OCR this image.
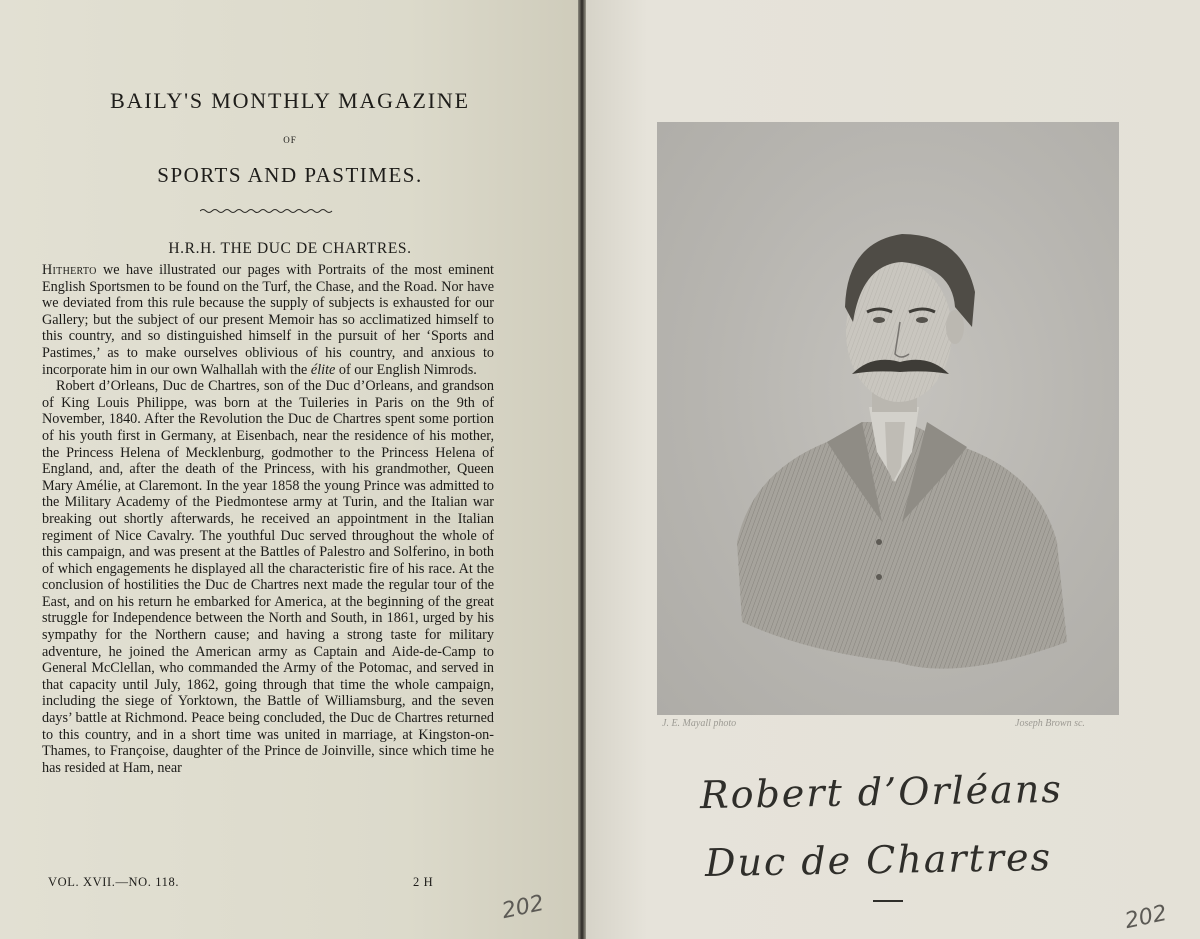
BAILY'S MONTHLY MAGAZINE
OF
SPORTS AND PASTIMES.
H.R.H. THE DUC DE CHARTRES.

Hitherto we have illustrated our pages with Portraits of the most eminent English Sportsmen to be found on the Turf, the Chase, and the Road. Nor have we deviated from this rule because the supply of subjects is exhausted for our Gallery; but the subject of our present Memoir has so acclimatized himself to this country, and so distinguished himself in the pursuit of her ‘Sports and Pastimes,’ as to make ourselves oblivious of his country, and anxious to incorporate him in our own Walhallah with the élite of our English Nimrods.

Robert d’Orleans, Duc de Chartres, son of the Duc d’Orleans, and grandson of King Louis Philippe, was born at the Tuileries in Paris on the 9th of November, 1840. After the Revolution the Duc de Chartres spent some portion of his youth first in Germany, at Eisenbach, near the residence of his mother, the Princess Helena of Mecklenburg, godmother to the Princess Helena of England, and, after the death of the Princess, with his grandmother, Queen Mary Amélie, at Claremont. In the year 1858 the young Prince was admitted to the Military Academy of the Piedmontese army at Turin, and the Italian war breaking out shortly afterwards, he received an appointment in the Italian regiment of Nice Cavalry. The youthful Duc served throughout the whole of this campaign, and was present at the Battles of Palestro and Solferino, in both of which engagements he displayed all the characteristic fire of his race. At the conclusion of hostilities the Duc de Chartres next made the regular tour of the East, and on his return he embarked for America, at the beginning of the great struggle for Independence between the North and South, in 1861, urged by his sympathy for the Northern cause; and having a strong taste for military adventure, he joined the American army as Captain and Aide-de-Camp to General McClellan, who commanded the Army of the Potomac, and served in that capacity until July, 1862, going through that time the whole campaign, including the siege of Yorktown, the Battle of Williamsburg, and the seven days’ battle at Richmond. Peace being concluded, the Duc de Chartres returned to this country, and in a short time was united in marriage, at Kingston-on-Thames, to Françoise, daughter of the Prince de Joinville, since which time he has resided at Ham, near

VOL. XVII.—NO. 118.	2 H
202
J. E. Mayall photo	Joseph Brown sc.
Robert d’Orléans
Duc de Chartres
202
